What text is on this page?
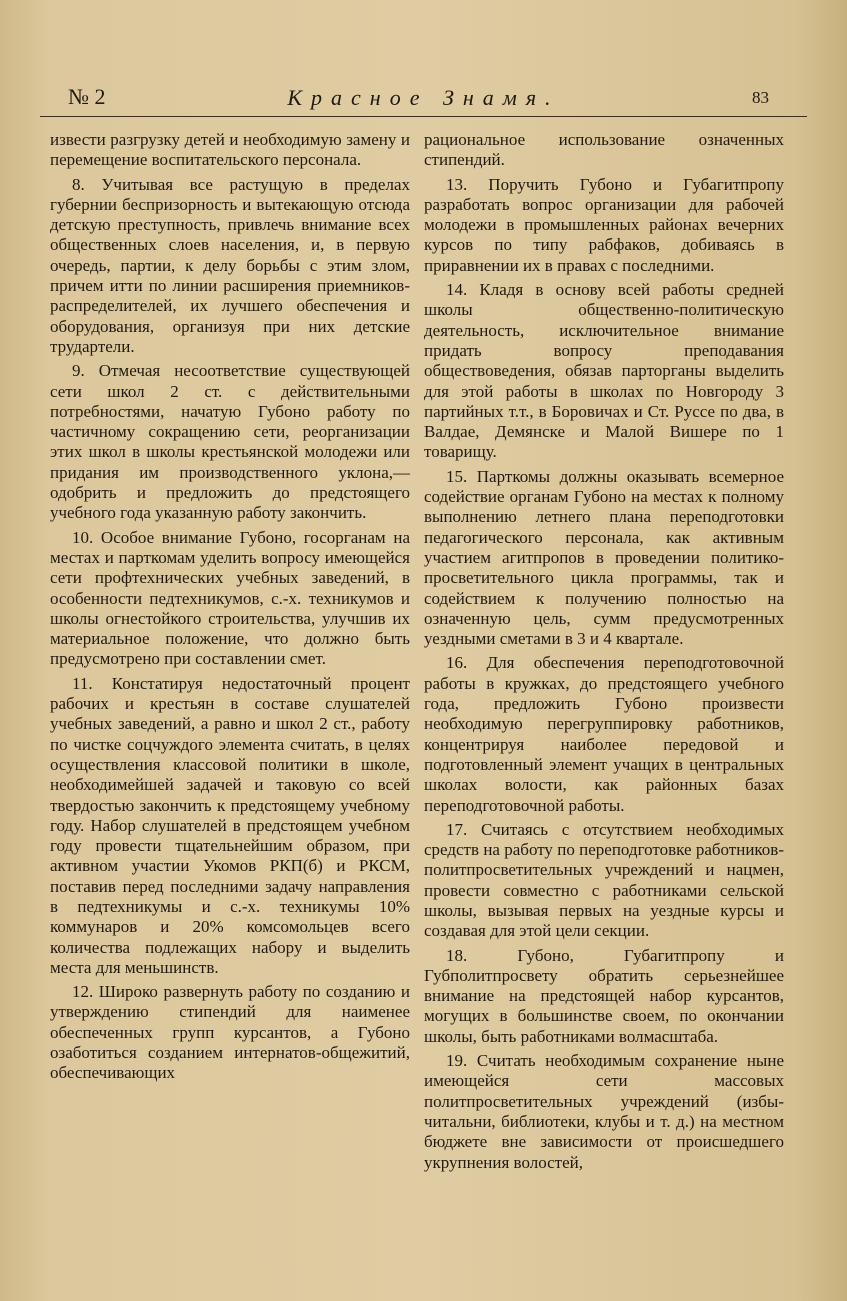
№ 2	Красное Знамя.	83

извести разгрузку детей и необходимую замену и перемещение воспитательского персонала.

8. Учитывая все растущую в пределах губернии беспризорность и вытекающую отсюда детскую преступность, привлечь внимание всех общественных слоев населения, и, в первую очередь, партии, к делу борьбы с этим злом, причем итти по линии расширения приемников-распределителей, их лучшего обеспечения и оборудования, организуя при них детские трудартели.

9. Отмечая несоответствие существующей сети школ 2 ст. с действительными потребностями, начатую Губоно работу по частичному сокращению сети, реорганизации этих школ в школы крестьянской молодежи или придания им производственного уклона,—одобрить и предложить до предстоящего учебного года указанную работу закончить.

10. Особое внимание Губоно, госорганам на местах и парткомам уделить вопросу имеющейся сети профтехнических учебных заведений, в особенности педтехникумов, с.-х. техникумов и школы огнестойкого строительства, улучшив их материальное положение, что должно быть предусмотрено при составлении смет.

11. Констатируя недостаточный процент рабочих и крестьян в составе слушателей учебных заведений, а равно и школ 2 ст., работу по чистке соцчуждого элемента считать, в целях осуществления классовой политики в школе, необходимейшей задачей и таковую со всей твердостью закончить к предстоящему учебному году. Набор слушателей в предстоящем учебном году провести тщательнейшим образом, при активном участии Укомов РКП(б) и РКСМ, поставив перед последними задачу направления в педтехникумы и с.-х. техникумы 10% коммунаров и 20% комсомольцев всего количества подлежащих набору и выделить места для меньшинств.

12. Широко развернуть работу по созданию и утверждению стипендий для наименее обеспеченных групп курсантов, а Губоно озаботиться созданием интернатов-общежитий, обеспечивающих

рациональное использование означенных стипендий.

13. Поручить Губоно и Губагитпропу разработать вопрос организации для рабочей молодежи в промышленных районах вечерних курсов по типу рабфаков, добиваясь в приравнении их в правах с последними.

14. Кладя в основу всей работы средней школы общественно-политическую деятельность, исключительное внимание придать вопросу преподавания обществоведения, обязав парторганы выделить для этой работы в школах по Новгороду 3 партийных т.т., в Боровичах и Ст. Руссе по два, в Валдае, Демянске и Малой Вишере по 1 товарищу.

15. Парткомы должны оказывать всемерное содействие органам Губоно на местах к полному выполнению летнего плана переподготовки педагогического персонала, как активным участием агитпропов в проведении политико-просветительного цикла программы, так и содействием к получению полностью на означенную цель, сумм предусмотренных уездными сметами в 3 и 4 квартале.

16. Для обеспечения переподготовочной работы в кружках, до предстоящего учебного года, предложить Губоно произвести необходимую перегруппировку работников, концентрируя наиболее передовой и подготовленный элемент учащих в центральных школах волости, как районных базах переподготовочной работы.

17. Считаясь с отсутствием необходимых средств на работу по переподготовке работников-политпросветительных учреждений и нацмен, провести совместно с работниками сельской школы, вызывая первых на уездные курсы и создавая для этой цели секции.

18. Губоно, Губагитпропу и Губполитпросвету обратить серьезнейшее внимание на предстоящей набор курсантов, могущих в большинстве своем, по окончании школы, быть работниками волмасштаба.

19. Считать необходимым сохранение ныне имеющейся сети массовых политпросветительных учреждений (избы-читальни, библиотеки, клубы и т. д.) на местном бюджете вне зависимости от происшедшего укрупнения волостей,
